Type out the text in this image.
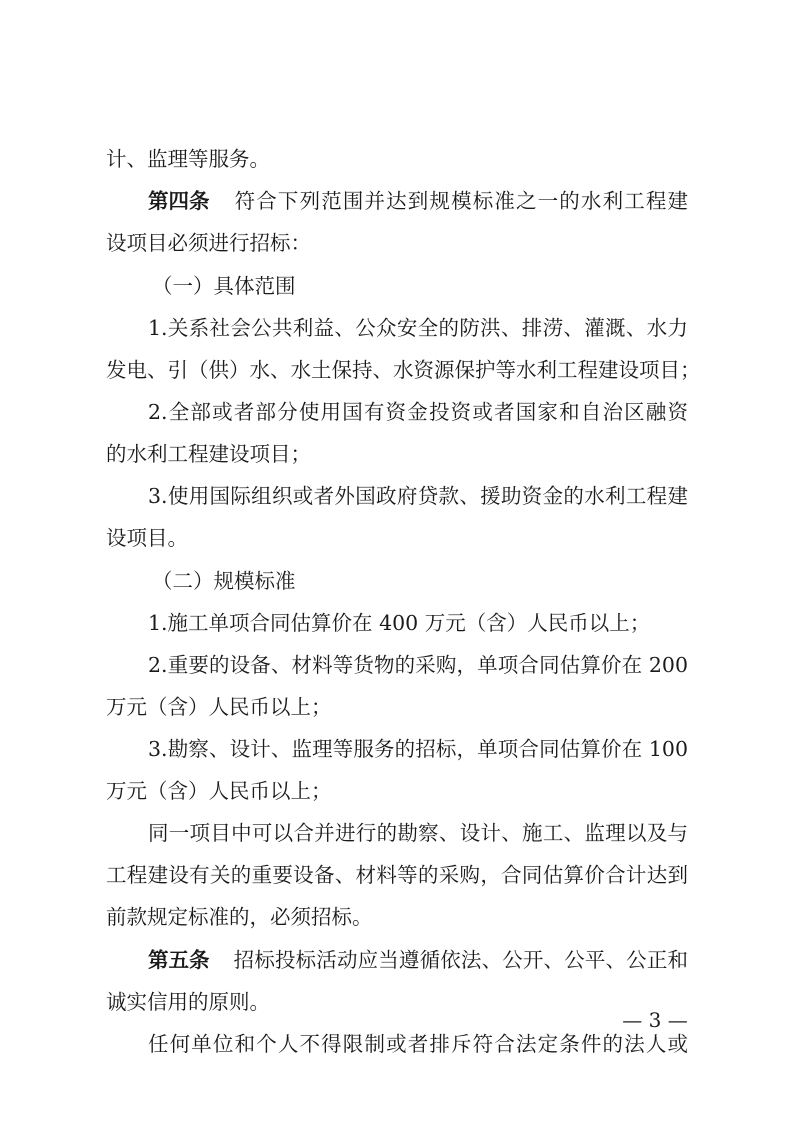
计、监理等服务。
第四条 符合下列范围并达到规模标准之一的水利工程建
设项目必须进行招标：
（一）具体范围
1.关系社会公共利益、公众安全的防洪、排涝、灌溉、水力
发电、引（供）水、水土保持、水资源保护等水利工程建设项目；
2.全部或者部分使用国有资金投资或者国家和自治区融资
的水利工程建设项目；
3.使用国际组织或者外国政府贷款、援助资金的水利工程建
设项目。
（二）规模标准
1.施工单项合同估算价在 400 万元（含）人民币以上；
2.重要的设备、材料等货物的采购，单项合同估算价在 200
万元（含）人民币以上；
3.勘察、设计、监理等服务的招标，单项合同估算价在 100
万元（含）人民币以上；
同一项目中可以合并进行的勘察、设计、施工、监理以及与
工程建设有关的重要设备、材料等的采购，合同估算价合计达到
前款规定标准的，必须招标。
第五条 招标投标活动应当遵循依法、公开、公平、公正和
诚实信用的原则。
任何单位和个人不得限制或者排斥符合法定条件的法人或
— 3 —
